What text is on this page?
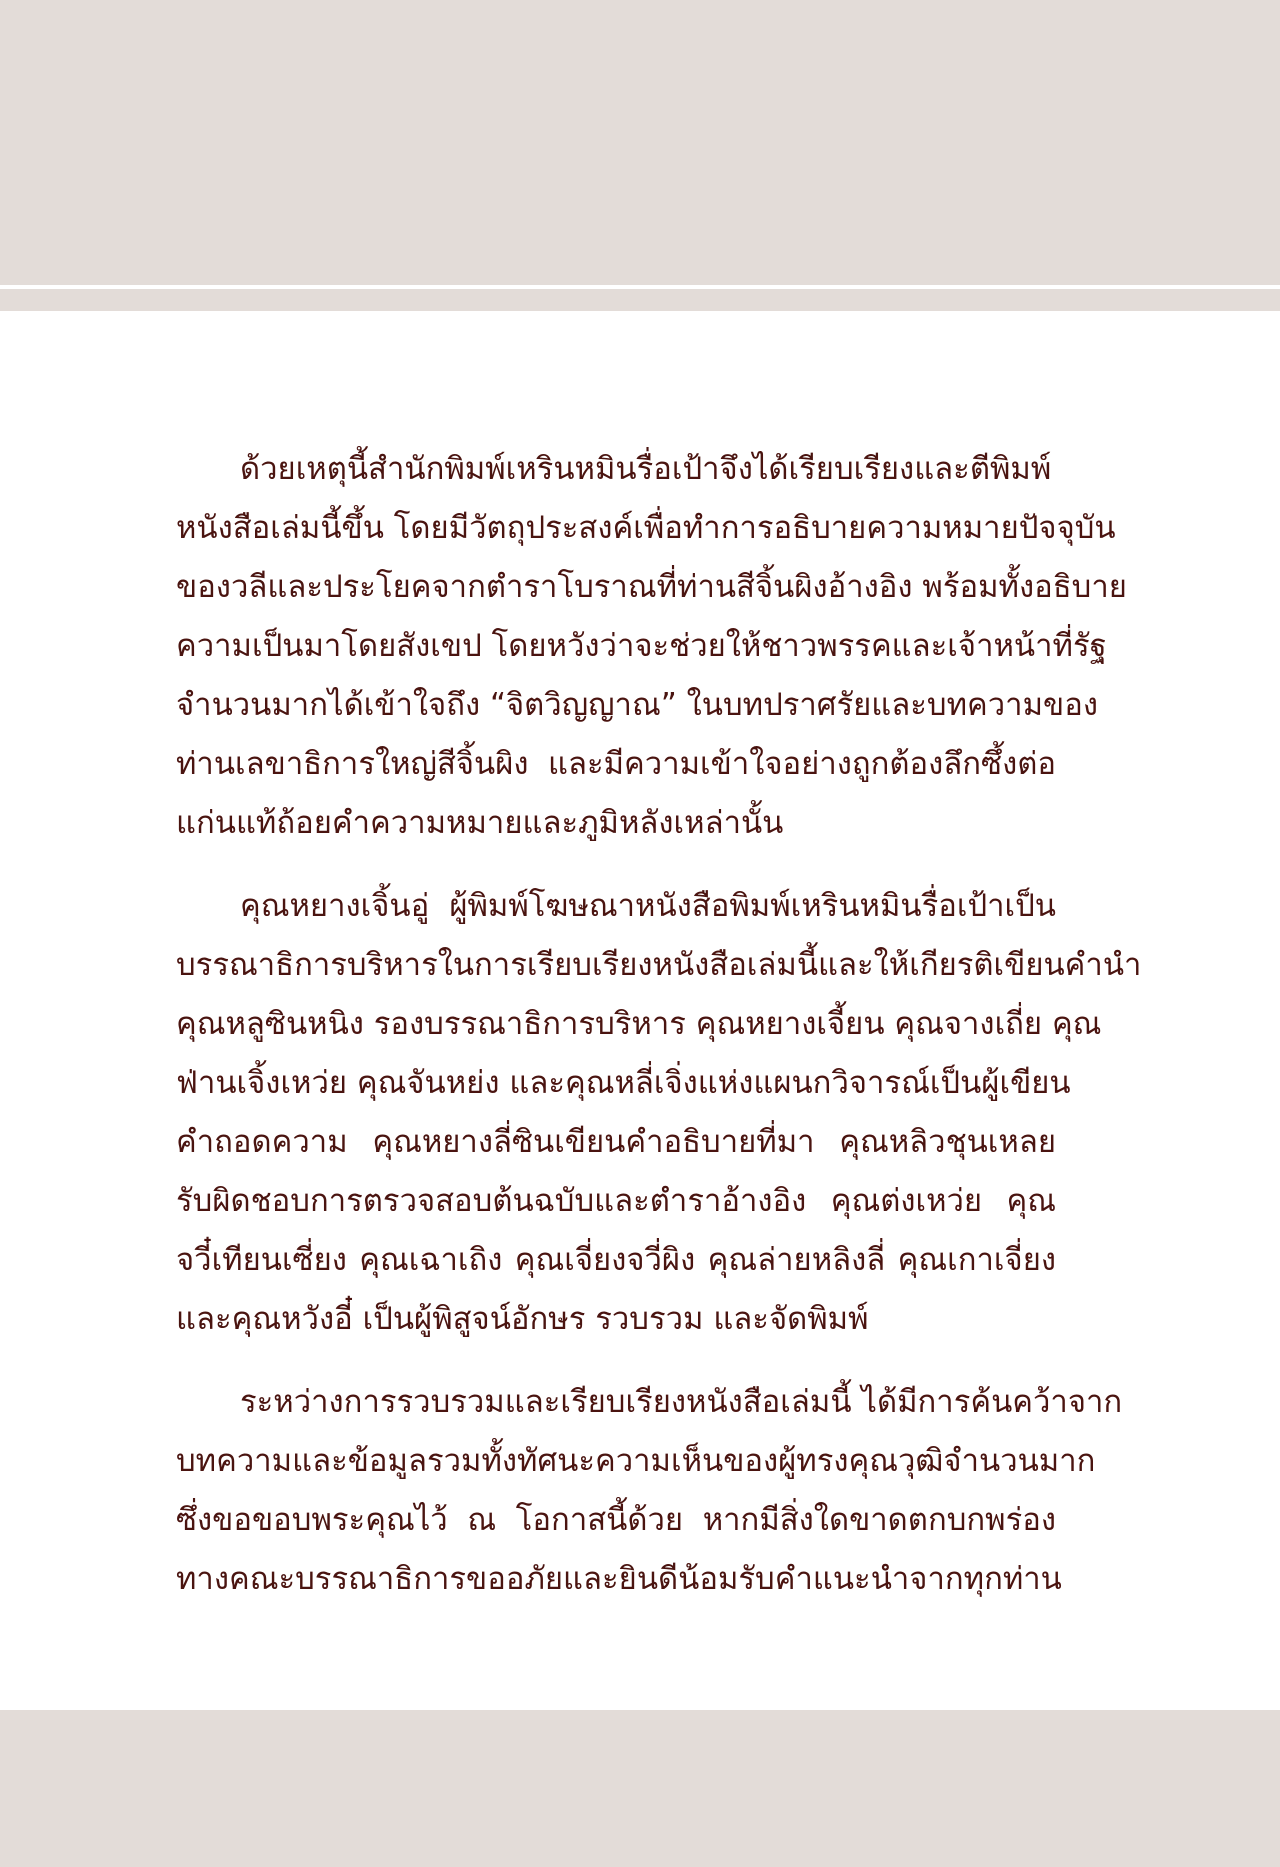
ด้วยเหตุนี้สำนักพิมพ์เหรินหมินรื่อเป้าจึงได้เรียบเรียงและตีพิมพ์
หนังสือเล่มนี้ขึ้น โดยมีวัตถุประสงค์เพื่อทำการอธิบายความหมายปัจจุบัน
ของวลีและประโยคจากตำราโบราณที่ท่านสีจิ้นผิงอ้างอิง พร้อมทั้งอธิบาย
ความเป็นมาโดยสังเขป โดยหวังว่าจะช่วยให้ชาวพรรคและเจ้าหน้าที่รัฐ
จำนวนมากได้เข้าใจถึง “จิตวิญญาณ” ในบทปราศรัยและบทความของ
ท่านเลขาธิการใหญ่สีจิ้นผิง และมีความเข้าใจอย่างถูกต้องลึกซึ้งต่อ
แก่นแท้ถ้อยคำความหมายและภูมิหลังเหล่านั้น
คุณหยางเจิ้นอู่ ผู้พิมพ์โฆษณาหนังสือพิมพ์เหรินหมินรื่อเป้าเป็น
บรรณาธิการบริหารในการเรียบเรียงหนังสือเล่มนี้และให้เกียรติเขียนคำนำ
คุณหลูซินหนิง รองบรรณาธิการบริหาร คุณหยางเจี้ยน คุณจางเถี่ย คุณ
ฟ่านเจิ้งเหว่ย คุณจันหย่ง และคุณหลี่เจิ่งแห่งแผนกวิจารณ์เป็นผู้เขียน
คำถอดความ คุณหยางลี่ซินเขียนคำอธิบายที่มา คุณหลิวชุนเหลย
รับผิดชอบการตรวจสอบต้นฉบับและตำราอ้างอิง คุณต่งเหว่ย คุณ
จวี๋เทียนเซี่ยง คุณเฉาเถิง คุณเจี่ยงจวี่ผิง คุณล่ายหลิงลี่ คุณเกาเจี่ยง
และคุณหวังอี๋ เป็นผู้พิสูจน์อักษร รวบรวม และจัดพิมพ์
ระหว่างการรวบรวมและเรียบเรียงหนังสือเล่มนี้ ได้มีการค้นคว้าจาก
บทความและข้อมูลรวมทั้งทัศนะความเห็นของผู้ทรงคุณวุฒิจำนวนมาก
ซึ่งขอขอบพระคุณไว้ ณ โอกาสนี้ด้วย หากมีสิ่งใดขาดตกบกพร่อง
ทางคณะบรรณาธิการขออภัยและยินดีน้อมรับคำแนะนำจากทุกท่าน
